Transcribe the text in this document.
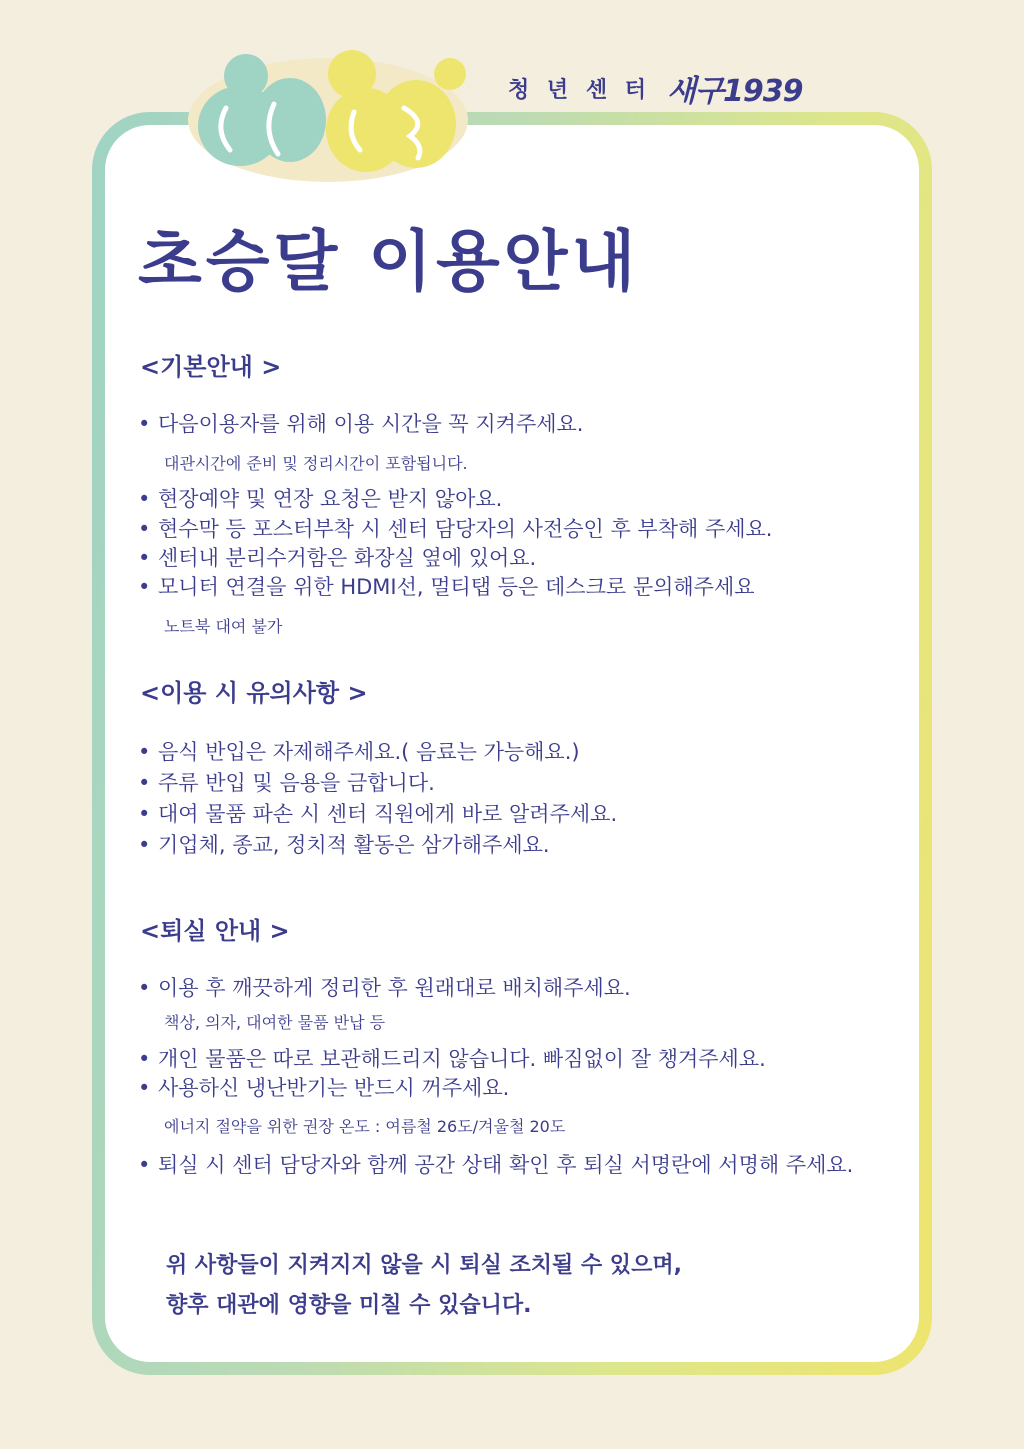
청 년 센 터 새구1939
초승달 이용안내
<기본안내 >

• 다음이용자를 위해 이용 시간을 꼭 지켜주세요.

대관시간에 준비 및 정리시간이 포함됩니다.

• 현장예약 및 연장 요청은 받지 않아요.

• 현수막 등 포스터부착 시 센터 담당자의 사전승인 후 부착해 주세요.

• 센터내 분리수거함은 화장실 옆에 있어요.

• 모니터 연결을 위한 HDMI선, 멀티탭 등은 데스크로 문의해주세요

노트북 대여 불가

<이용 시 유의사항 >

• 음식 반입은 자제해주세요.( 음료는 가능해요.)

• 주류 반입 및 음용을 금합니다.

• 대여 물품 파손 시 센터 직원에게 바로 알려주세요.

• 기업체, 종교, 정치적 활동은 삼가해주세요.

<퇴실 안내 >

• 이용 후 깨끗하게 정리한 후 원래대로 배치해주세요.

책상, 의자, 대여한 물품 반납 등

• 개인 물품은 따로 보관해드리지 않습니다. 빠짐없이 잘 챙겨주세요.

• 사용하신 냉난반기는 반드시 꺼주세요.

에너지 절약을 위한 권장 온도 : 여름철 26도/겨울철 20도

• 퇴실 시 센터 담당자와 함께 공간 상태 확인 후 퇴실 서명란에 서명해 주세요.

위 사항들이 지켜지지 않을 시 퇴실 조치될 수 있으며,

향후 대관에 영향을 미칠 수 있습니다.
